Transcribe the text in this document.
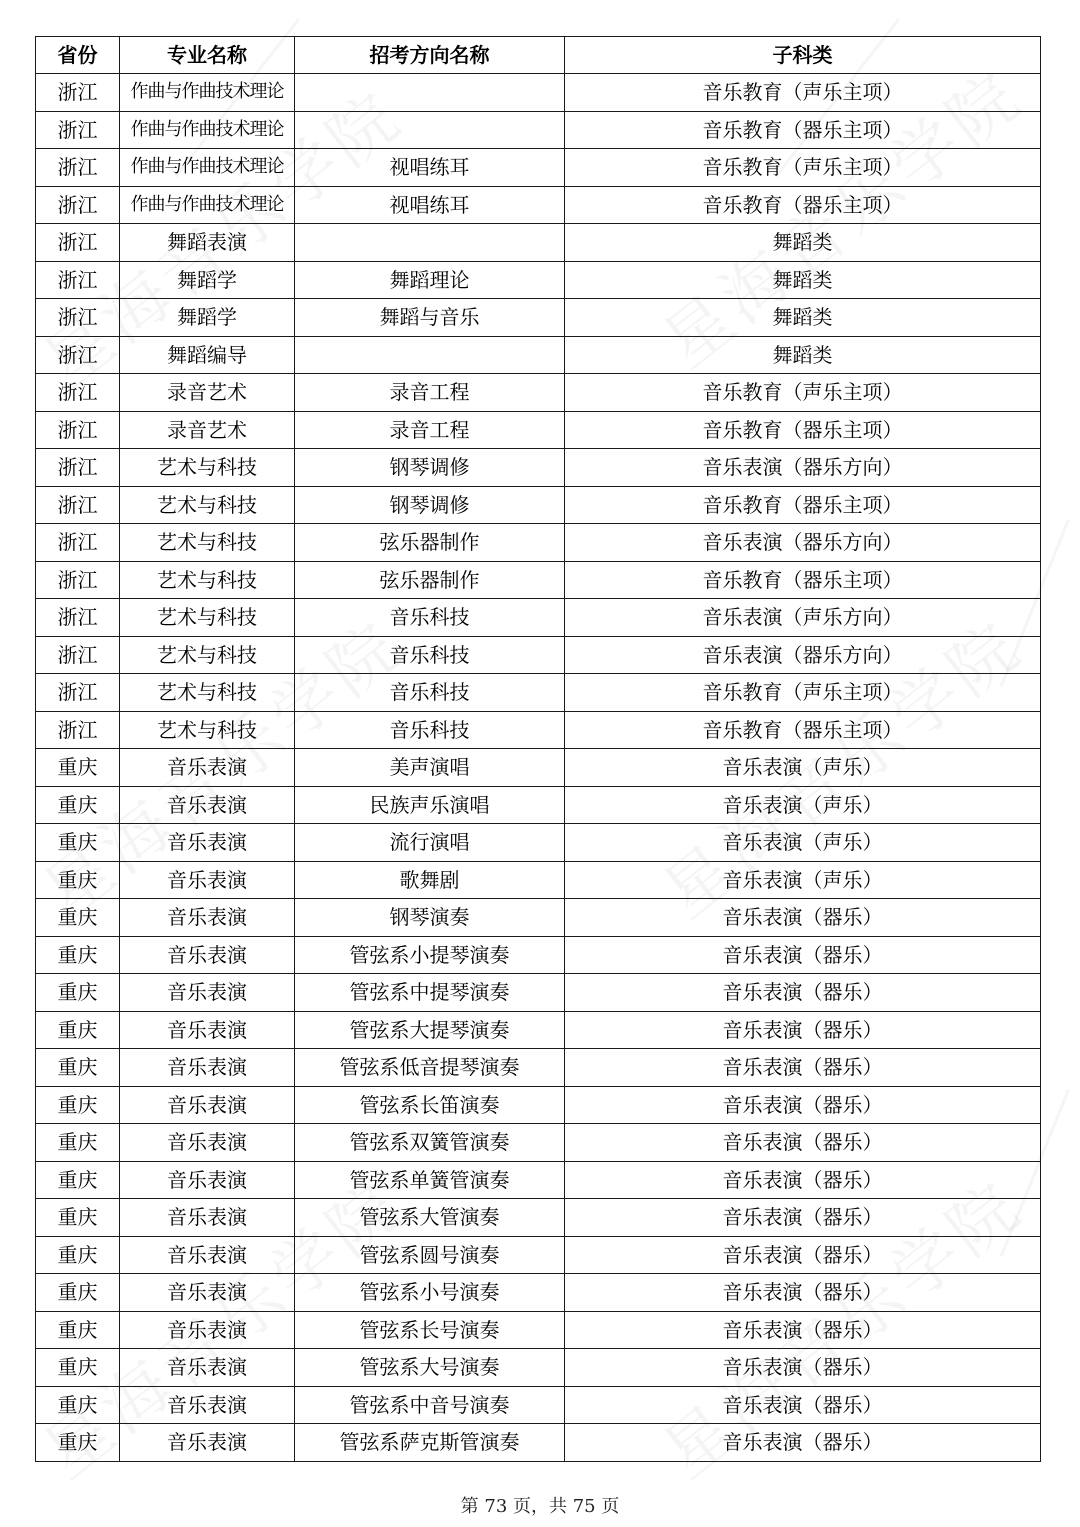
省份	专业名称	招考方向名称	子科类
浙江	作曲与作曲技术理论		音乐教育（声乐主项）
浙江	作曲与作曲技术理论		音乐教育（器乐主项）
浙江	作曲与作曲技术理论	视唱练耳	音乐教育（声乐主项）
浙江	作曲与作曲技术理论	视唱练耳	音乐教育（器乐主项）
浙江	舞蹈表演		舞蹈类
浙江	舞蹈学	舞蹈理论	舞蹈类
浙江	舞蹈学	舞蹈与音乐	舞蹈类
浙江	舞蹈编导		舞蹈类
浙江	录音艺术	录音工程	音乐教育（声乐主项）
浙江	录音艺术	录音工程	音乐教育（器乐主项）
浙江	艺术与科技	钢琴调修	音乐表演（器乐方向）
浙江	艺术与科技	钢琴调修	音乐教育（器乐主项）
浙江	艺术与科技	弦乐器制作	音乐表演（器乐方向）
浙江	艺术与科技	弦乐器制作	音乐教育（器乐主项）
浙江	艺术与科技	音乐科技	音乐表演（声乐方向）
浙江	艺术与科技	音乐科技	音乐表演（器乐方向）
浙江	艺术与科技	音乐科技	音乐教育（声乐主项）
浙江	艺术与科技	音乐科技	音乐教育（器乐主项）
重庆	音乐表演	美声演唱	音乐表演（声乐）
重庆	音乐表演	民族声乐演唱	音乐表演（声乐）
重庆	音乐表演	流行演唱	音乐表演（声乐）
重庆	音乐表演	歌舞剧	音乐表演（声乐）
重庆	音乐表演	钢琴演奏	音乐表演（器乐）
重庆	音乐表演	管弦系小提琴演奏	音乐表演（器乐）
重庆	音乐表演	管弦系中提琴演奏	音乐表演（器乐）
重庆	音乐表演	管弦系大提琴演奏	音乐表演（器乐）
重庆	音乐表演	管弦系低音提琴演奏	音乐表演（器乐）
重庆	音乐表演	管弦系长笛演奏	音乐表演（器乐）
重庆	音乐表演	管弦系双簧管演奏	音乐表演（器乐）
重庆	音乐表演	管弦系单簧管演奏	音乐表演（器乐）
重庆	音乐表演	管弦系大管演奏	音乐表演（器乐）
重庆	音乐表演	管弦系圆号演奏	音乐表演（器乐）
重庆	音乐表演	管弦系小号演奏	音乐表演（器乐）
重庆	音乐表演	管弦系长号演奏	音乐表演（器乐）
重庆	音乐表演	管弦系大号演奏	音乐表演（器乐）
重庆	音乐表演	管弦系中音号演奏	音乐表演（器乐）
重庆	音乐表演	管弦系萨克斯管演奏	音乐表演（器乐）
第 73 页，共 75 页
